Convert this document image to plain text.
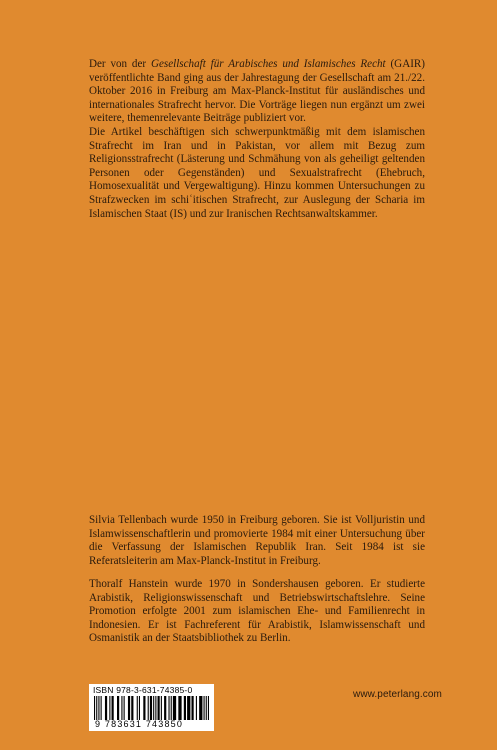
Der von der Gesellschaft für Arabisches und Islamisches Recht (GAIR) veröffentlichte Band ging aus der Jahrestagung der Gesellschaft am 21./22. Oktober 2016 in Freiburg am Max-Planck-Institut für ausländisches und internationales Strafrecht hervor. Die Vorträge liegen nun ergänzt um zwei weitere, themenrelevante Beiträge publiziert vor.

Die Artikel beschäftigen sich schwerpunktmäßig mit dem islamischen Strafrecht im Iran und in Pakistan, vor allem mit Bezug zum Religionsstrafrecht (Lästerung und Schmähung von als geheiligt geltenden Personen oder Gegenständen) und Sexualstrafrecht (Ehebruch, Homosexualität und Vergewaltigung). Hinzu kommen Untersuchungen zu Strafzwecken im schiʿitischen Strafrecht, zur Auslegung der Scharia im Islamischen Staat (IS) und zur Iranischen Rechtsanwaltskammer.

Silvia Tellenbach wurde 1950 in Freiburg geboren. Sie ist Volljuristin und Islamwissenschaftlerin und promovierte 1984 mit einer Untersuchung über die Verfassung der Islamischen Republik Iran. Seit 1984 ist sie Referatsleiterin am Max-Planck-Institut in Freiburg.

Thoralf Hanstein wurde 1970 in Sondershausen geboren. Er studierte Arabistik, Religionswissenschaft und Betriebswirtschaftslehre. Seine Promotion erfolgte 2001 zum islamischen Ehe- und Familienrecht in Indonesien. Er ist Fachreferent für Arabistik, Islamwissenschaft und Osmanistik an der Staatsbibliothek zu Berlin.

ISBN 978-3-631-74385-0
9 783631 743850
www.peterlang.com
